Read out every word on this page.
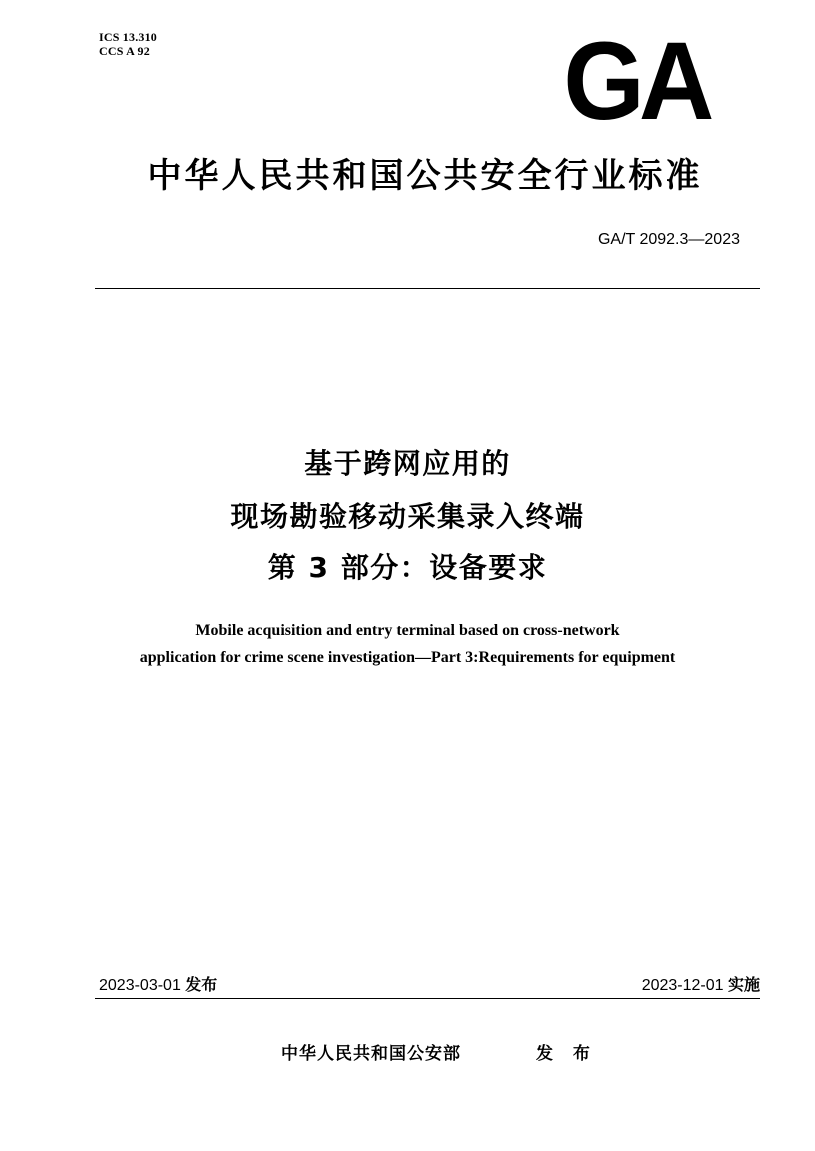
ICS 13.310
CCS A 92	GA
中华人民共和国公共安全行业标准
GA/T 2092.3—2023
基于跨网应用的
现场勘验移动采集录入终端
第 3 部分：设备要求
Mobile acquisition and entry terminal based on cross-network
application for crime scene investigation—Part 3:Requirements for equipment
2023-03-01 发布	2023-12-01 实施
中华人民共和国公安部	发 布
